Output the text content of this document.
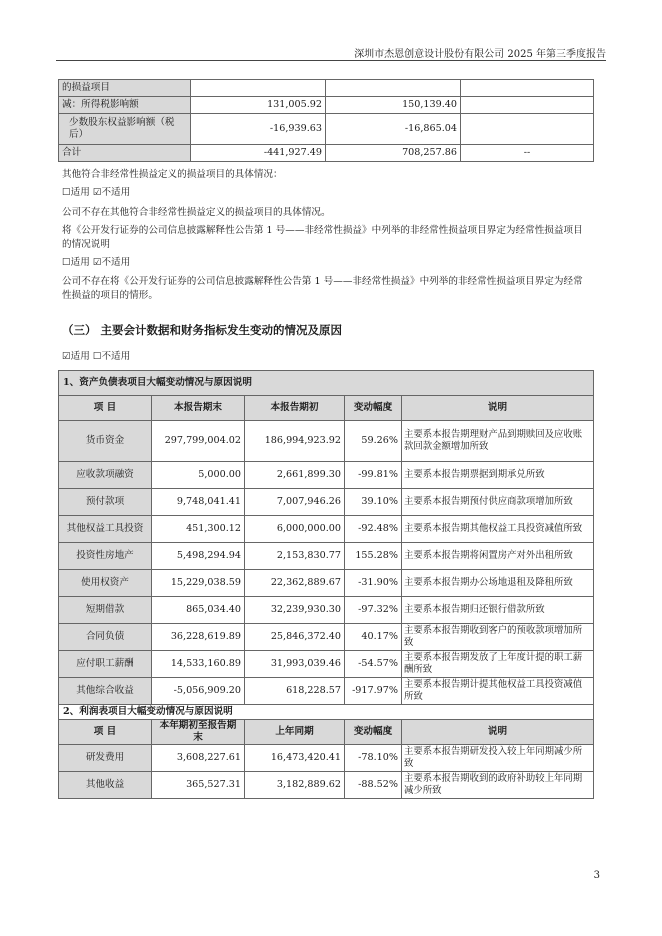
深圳市杰恩创意设计股份有限公司 2025 年第三季度报告
的损益项目			
减：所得税影响额	131,005.92	150,139.40	
少数股东权益影响额（税后）	-16,939.63	-16,865.04	
合计	-441,927.49	708,257.86	--

其他符合非经常性损益定义的损益项目的具体情况：

☐适用 ☑不适用

公司不存在其他符合非经常性损益定义的损益项目的具体情况。

将《公开发行证券的公司信息披露解释性公告第 1 号——非经常性损益》中列举的非经常性损益项目界定为经常性损益项目的情况说明

☐适用 ☑不适用

公司不存在将《公开发行证券的公司信息披露解释性公告第 1 号——非经常性损益》中列举的非经常性损益项目界定为经常性损益的项目的情形。

（三） 主要会计数据和财务指标发生变动的情况及原因

☑适用 ☐不适用

1、资产负债表项目大幅变动情况与原因说明				
项 目	本报告期末	本报告期初	变动幅度	说明
货币资金	297,799,004.02	186,994,923.92	59.26%	主要系本报告期理财产品到期赎回及应收账款回款金额增加所致
应收款项融资	5,000.00	2,661,899.30	-99.81%	主要系本报告期票据到期承兑所致
预付款项	9,748,041.41	7,007,946.26	39.10%	主要系本报告期预付供应商款项增加所致
其他权益工具投资	451,300.12	6,000,000.00	-92.48%	主要系本报告期其他权益工具投资减值所致
投资性房地产	5,498,294.94	2,153,830.77	155.28%	主要系本报告期将闲置房产对外出租所致
使用权资产	15,229,038.59	22,362,889.67	-31.90%	主要系本报告期办公场地退租及降租所致
短期借款	865,034.40	32,239,930.30	-97.32%	主要系本报告期归还银行借款所致
合同负债	36,228,619.89	25,846,372.40	40.17%	主要系本报告期收到客户的预收款项增加所致
应付职工薪酬	14,533,160.89	31,993,039.46	-54.57%	主要系本报告期发放了上年度计提的职工薪酬所致
其他综合收益	-5,056,909.20	618,228.57	-917.97%	主要系本报告期计提其他权益工具投资减值所致
2、利润表项目大幅变动情况与原因说明				
项 目	本年期初至报告期末	上年同期	变动幅度	说明
研发费用	3,608,227.61	16,473,420.41	-78.10%	主要系本报告期研发投入较上年同期减少所致
其他收益	365,527.31	3,182,889.62	-88.52%	主要系本报告期收到的政府补助较上年同期减少所致
3
